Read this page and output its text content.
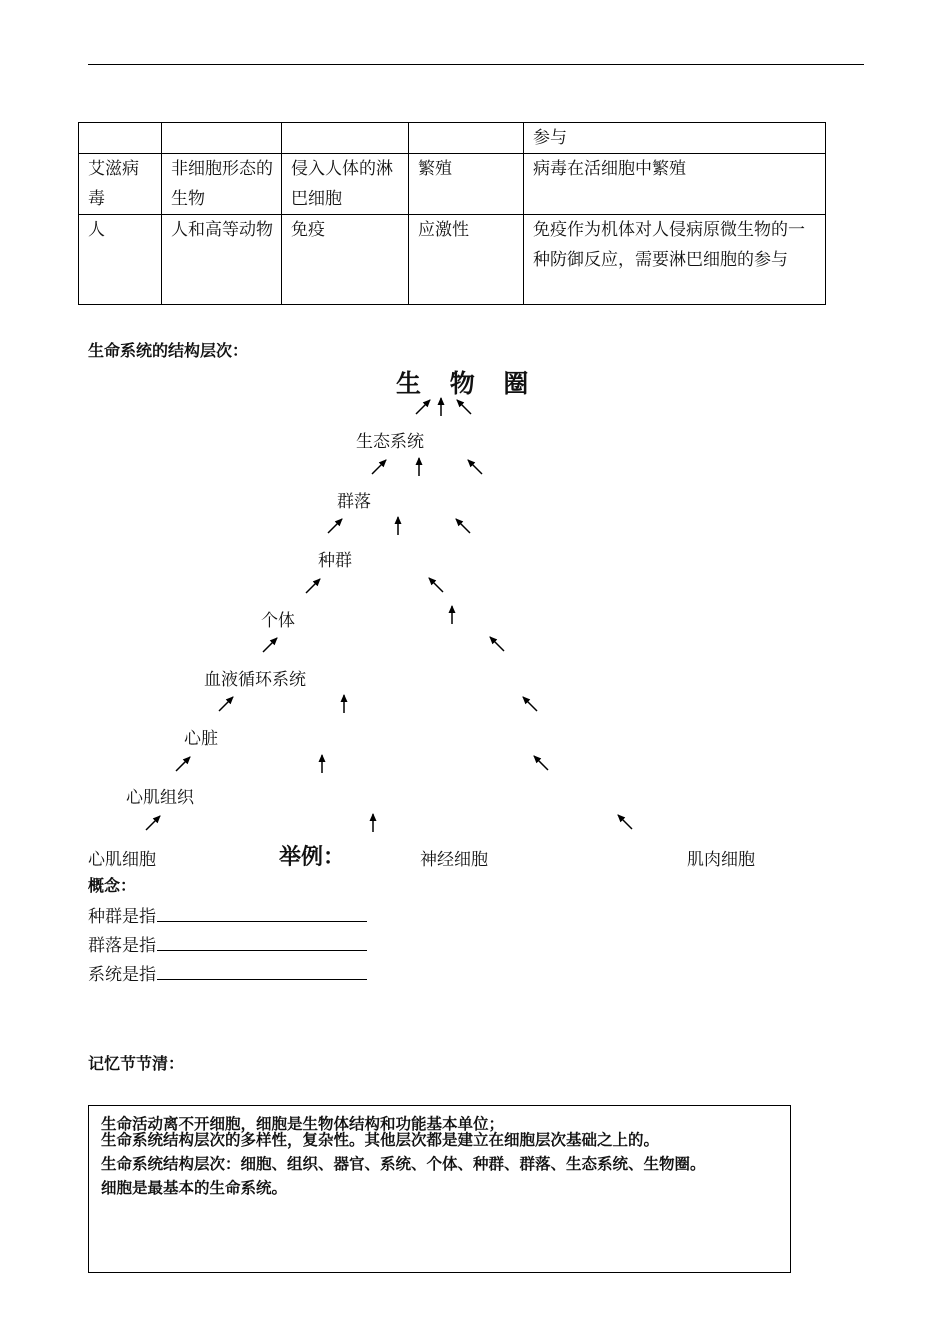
				参与
艾滋病毒	非细胞形态的生物	侵入人体的淋巴细胞	繁殖	病毒在活细胞中繁殖
人	人和高等动物	免疫	应激性	免疫作为机体对人侵病原微生物的一种防御反应，需要淋巴细胞的参与
生命系统的结构层次：
生 物 圈
生态系统
群落
种群
个体
血液循环系统
心脏
心肌组织
心肌细胞	举例：	神经细胞	肌肉细胞
概念：
种群是指
群落是指
系统是指
记忆节节清：
生命活动离不开细胞，细胞是生物体结构和功能基本单位；
生命系统结构层次的多样性，复杂性。其他层次都是建立在细胞层次基础之上的。
生命系统结构层次：细胞、组织、器官、系统、个体、种群、群落、生态系统、生物圈。
细胞是最基本的生命系统。
